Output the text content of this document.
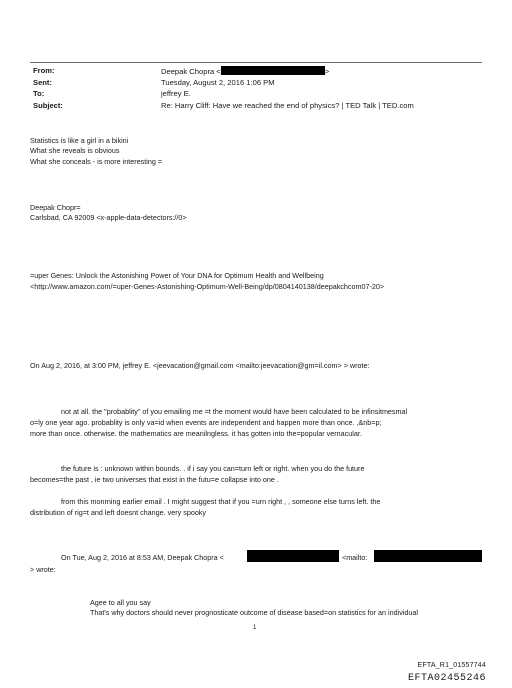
From:	Deepak Chopra <	>
Sent:	Tuesday, August 2, 2016 1:06 PM
To:	jeffrey E.
Subject:	Re: Harry Cliff: Have we reached the end of physics? | TED Talk | TED.com
Statistics is like a girl in a bikini
What she reveals is obvious
What she conceals - is more interesting =
Deepak Chopr=
Carlsbad, CA 92009 <x-apple-data-detectors://0>
=uper Genes: Unlock the Astonishing Power of Your DNA for Optimum Health and Wellbeing
<http://www.amazon.com/=uper-Genes-Astonishing-Optimum-Well-Being/dp/0804140138/deepakchcom07-20>
On Aug 2, 2016, at 3:00 PM, jeffrey E. <jeevacation@gmail.com <mailto:jeevacation@gm=il.com> > wrote:
not at all. the "probablity" of you emailing me =t the moment would have been calculated to be infinsitmesmal
o=ly one year ago. probablity is only va=id when events are independent and happen more than once. ,&nb=p;
more than once. otherwise. the mathematics are meanilngless. it has gotten into the=popular vernacular.
the future is : unknown within bounds. . if i say you can=turn left or right. when you do the future
becomes=the past , ie two universes that exist in the futu=e collapse into one .
from this monrning earlier email . I might suggest that if you =urn right , , someone else turns left. the
distribution of rig=t and left doesnt change. very spooky
On Tue, Aug 2, 2016 at 8:53 AM, Deepak Chopra <	<mailto:
> wrote:
Agee to all you say
That's why doctors should never prognosticate outcome of disease based=on statistics for an individual
1
EFTA_R1_01557744
EFTA02455246
